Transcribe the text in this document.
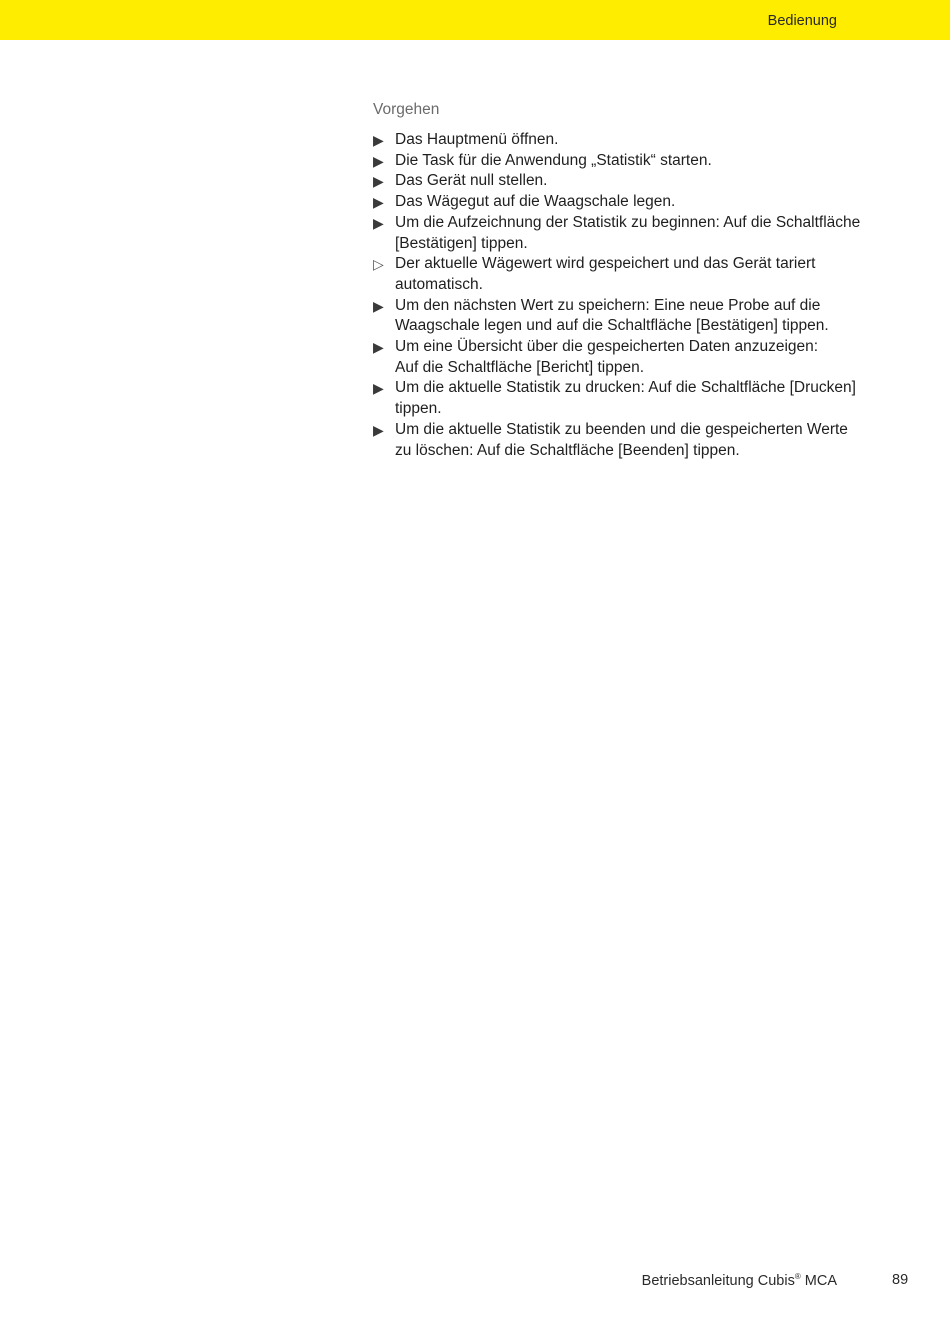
Bedienung
Vorgehen
▶ Das Hauptmenü öffnen.
▶ Die Task für die Anwendung „Statistik“ starten.
▶ Das Gerät null stellen.
▶ Das Wägegut auf die Waagschale legen.
▶ Um die Aufzeichnung der Statistik zu beginnen: Auf die Schaltfläche
[Bestätigen] tippen.
▷ Der aktuelle Wägewert wird gespeichert und das Gerät tariert
automatisch.
▶ Um den nächsten Wert zu speichern: Eine neue Probe auf die
Waagschale legen und auf die Schaltfläche [Bestätigen] tippen.
▶ Um eine Übersicht über die gespeicherten Daten anzuzeigen:
Auf die Schaltfläche [Bericht] tippen.
▶ Um die aktuelle Statistik zu drucken: Auf die Schaltfläche [Drucken]
tippen.
▶ Um die aktuelle Statistik zu beenden und die gespeicherten Werte
zu löschen: Auf die Schaltfläche [Beenden] tippen.
Betriebsanleitung Cubis® MCA	89
